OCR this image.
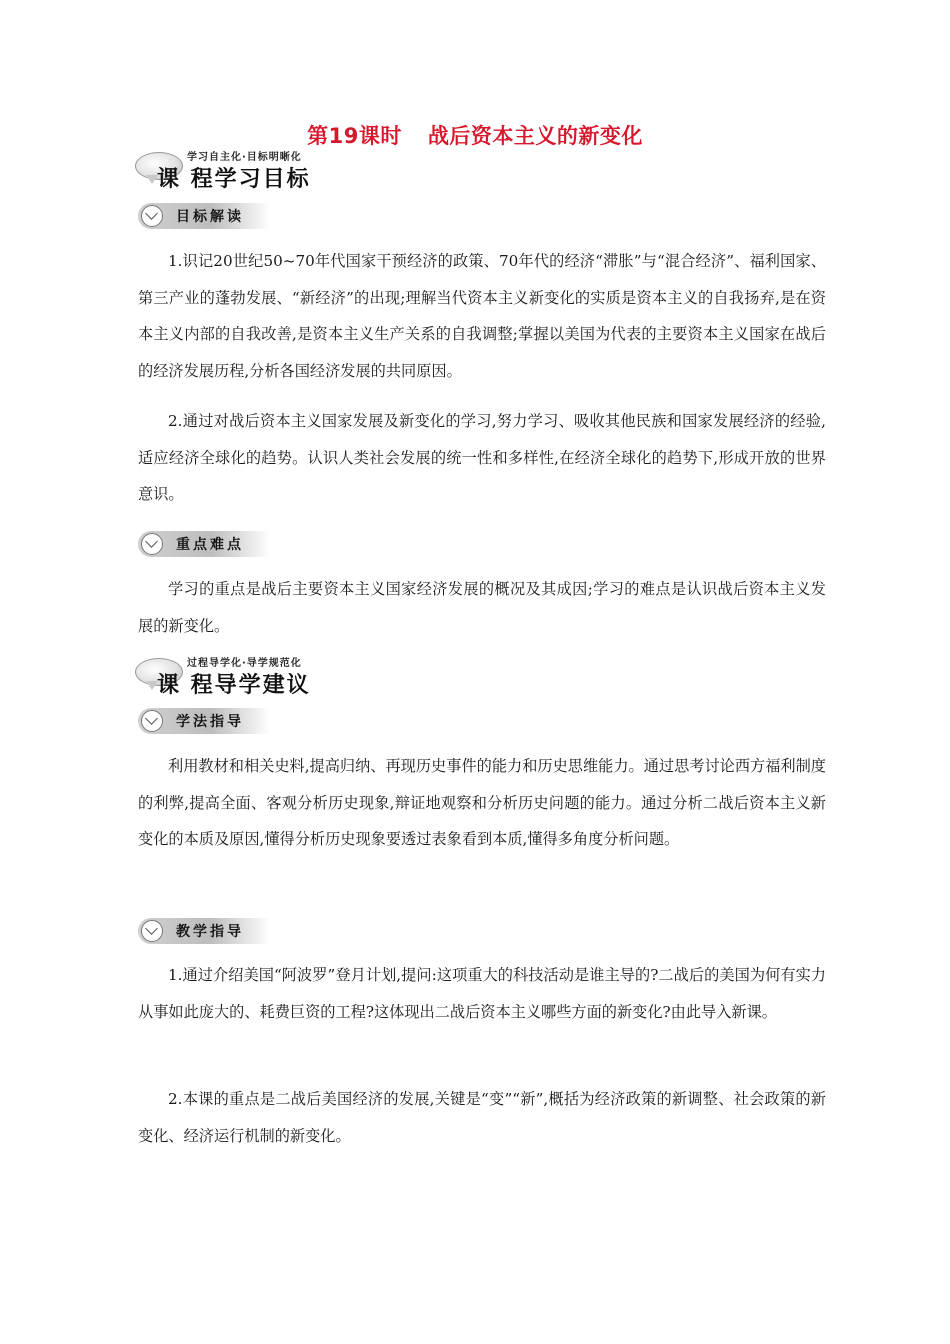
第19课时 战后资本主义的新变化
学习自主化·目标明晰化
课 程学习目标
目标解读
1.识记20世纪50~70年代国家干预经济的政策、70年代的经济“滞胀”与“混合经济”、福利国家、第三产业的蓬勃发展、“新经济”的出现;理解当代资本主义新变化的实质是资本主义的自我扬弃,是在资本主义内部的自我改善,是资本主义生产关系的自我调整;掌握以美国为代表的主要资本主义国家在战后的经济发展历程,分析各国经济发展的共同原因。
2.通过对战后资本主义国家发展及新变化的学习,努力学习、吸收其他民族和国家发展经济的经验,适应经济全球化的趋势。认识人类社会发展的统一性和多样性,在经济全球化的趋势下,形成开放的世界意识。
重点难点
学习的重点是战后主要资本主义国家经济发展的概况及其成因;学习的难点是认识战后资本主义发展的新变化。
过程导学化·导学规范化
课 程导学建议
学法指导
利用教材和相关史料,提高归纳、再现历史事件的能力和历史思维能力。通过思考讨论西方福利制度的利弊,提高全面、客观分析历史现象,辩证地观察和分析历史问题的能力。通过分析二战后资本主义新变化的本质及原因,懂得分析历史现象要透过表象看到本质,懂得多角度分析问题。
教学指导
1.通过介绍美国“阿波罗”登月计划,提问:这项重大的科技活动是谁主导的?二战后的美国为何有实力从事如此庞大的、耗费巨资的工程?这体现出二战后资本主义哪些方面的新变化?由此导入新课。
2.本课的重点是二战后美国经济的发展,关键是“变”“新”,概括为经济政策的新调整、社会政策的新变化、经济运行机制的新变化。
